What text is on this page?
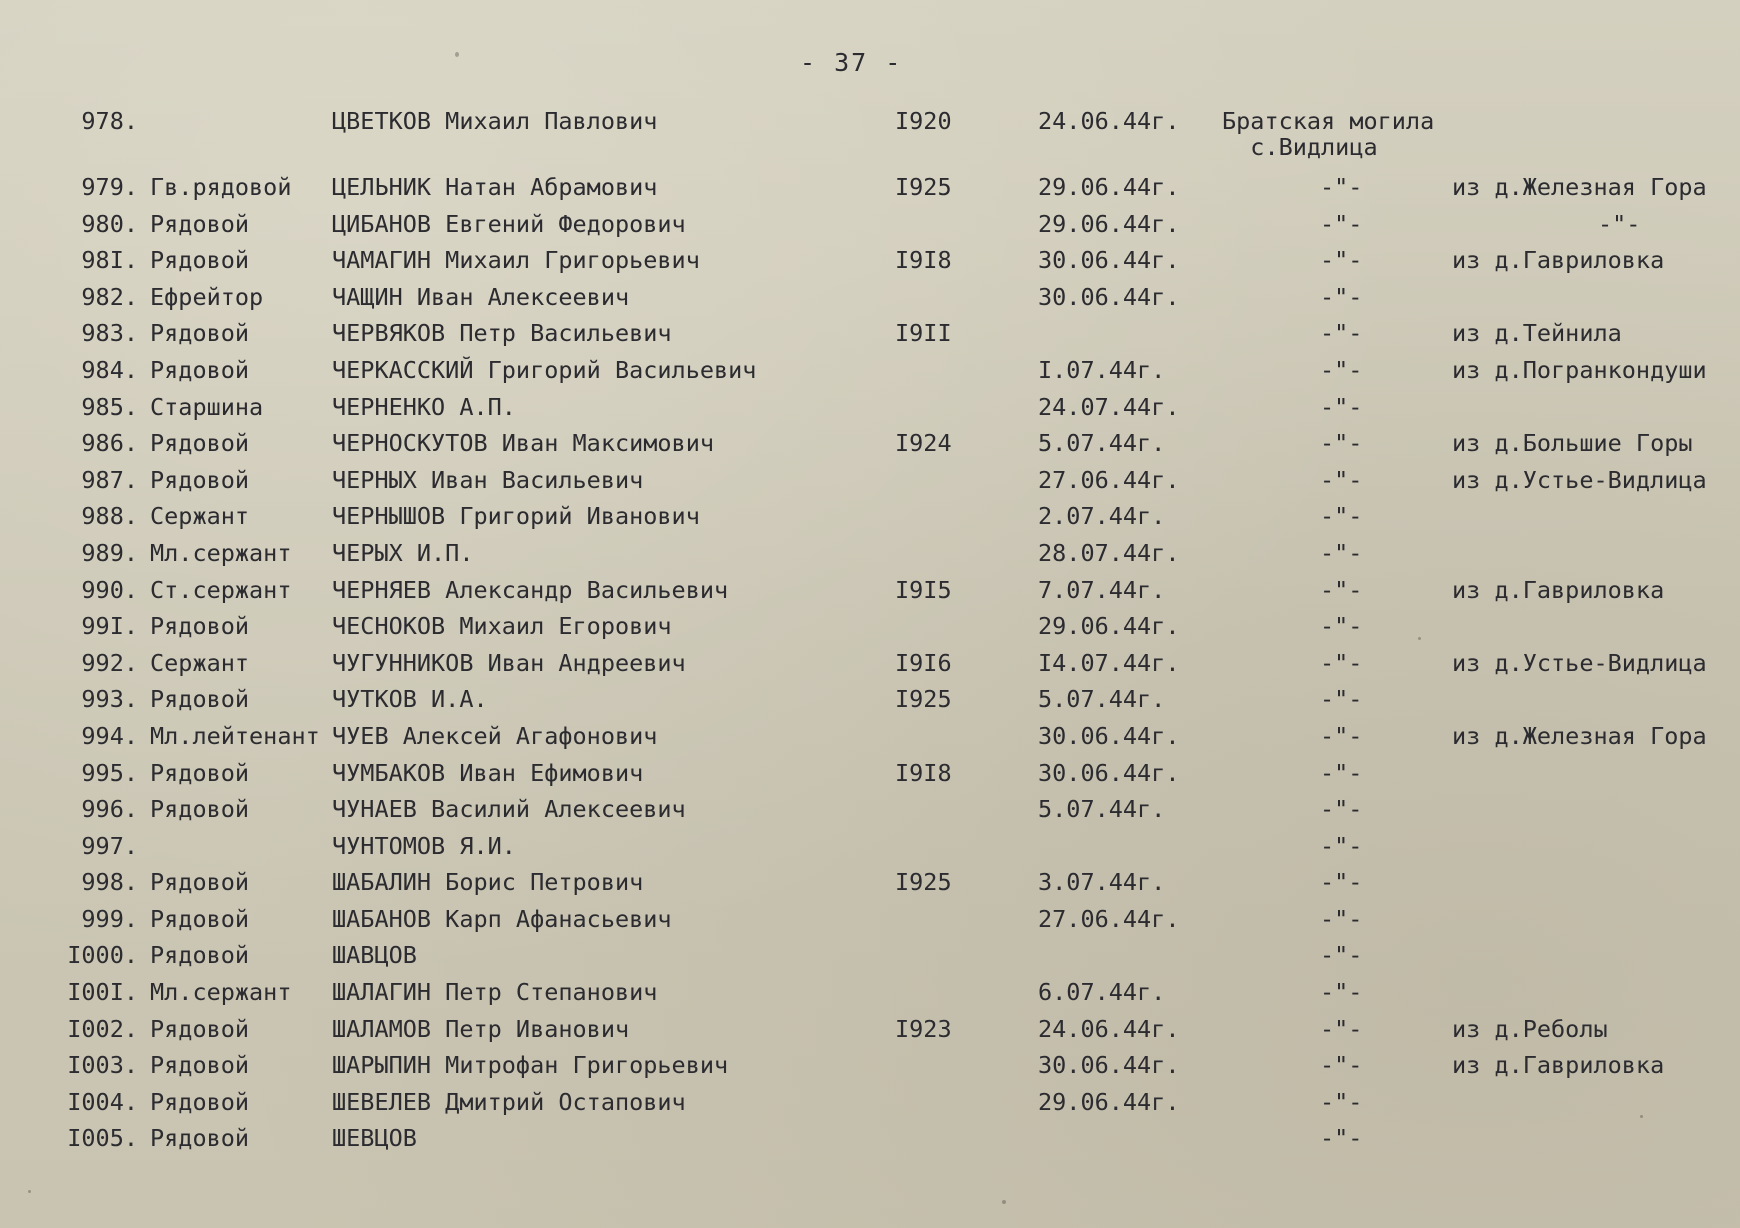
- 37 -
978.	ЦВЕТКОВ Михаил Павлович	I920	24.06.44г. Братская могила
с.Видлица
979. Гв.рядовой ЦЕЛЬНИК Натан Абрамович	I925	29.06.44г.	-"-	из д.Железная Гора
980. Рядовой	ЦИБАНОВ Евгений Федорович	29.06.44г.	-"-	-"-
98I. Рядовой	ЧАМАГИН Михаил Григорьевич	I9I8	30.06.44г.	-"-	из д.Гавриловка
982. Ефрейтор	ЧАЩИН Иван Алексеевич	30.06.44г.	-"-
983. Рядовой	ЧЕРВЯКОВ Петр Васильевич	I9II	-"-	из д.Тейнила
984. Рядовой	ЧЕРКАССКИЙ Григорий Васильевич	I.07.44г.	-"-	из д.Погранкондуши
985. Старшина	ЧЕРНЕНКО А.П.	24.07.44г.	-"-
986. Рядовой	ЧЕРНОСКУТОВ Иван Максимович	I924	5.07.44г.	-"-	из д.Большие Горы
987. Рядовой	ЧЕРНЫХ Иван Васильевич	27.06.44г.	-"-	из д.Устье-Видлица
988. Сержант	ЧЕРНЫШОВ Григорий Иванович	2.07.44г.	-"-
989. Мл.сержант ЧЕРЫХ И.П.	28.07.44г.	-"-
990. Ст.сержант ЧЕРНЯЕВ Александр Васильевич	I9I5	7.07.44г.	-"-	из д.Гавриловка
99I. Рядовой	ЧЕСНОКОВ Михаил Егорович	29.06.44г.	-"-
992. Сержант	ЧУГУННИКОВ Иван Андреевич	I9I6	I4.07.44г.	-"-	из д.Устье-Видлица
993. Рядовой	ЧУТКОВ И.А.	I925	5.07.44г.	-"-
994. Мл.лейтенант ЧУЕВ Алексей Агафонович	30.06.44г.	-"-	из д.Железная Гора
995. Рядовой	ЧУМБАКОВ Иван Ефимович	I9I8	30.06.44г.	-"-
996. Рядовой	ЧУНАЕВ Василий Алексеевич	5.07.44г.	-"-
997.	ЧУНТОМОВ Я.И.	-"-
998. Рядовой	ШАБАЛИН Борис Петрович	I925	3.07.44г.	-"-
999. Рядовой	ШАБАНОВ Карп Афанасьевич	27.06.44г.	-"-
I000. Рядовой	ШАВЦОВ	-"-
I00I. Мл.сержант ШАЛАГИН Петр Степанович	6.07.44г.	-"-
I002. Рядовой	ШАЛАМОВ Петр Иванович	I923	24.06.44г.	-"-	из д.Реболы
I003. Рядовой	ШАРЫПИН Митрофан Григорьевич	30.06.44г.	-"-	из д.Гавриловка
I004. Рядовой	ШЕВЕЛЕВ Дмитрий Остапович	29.06.44г.	-"-
I005. Рядовой	ШЕВЦОВ	-"-
